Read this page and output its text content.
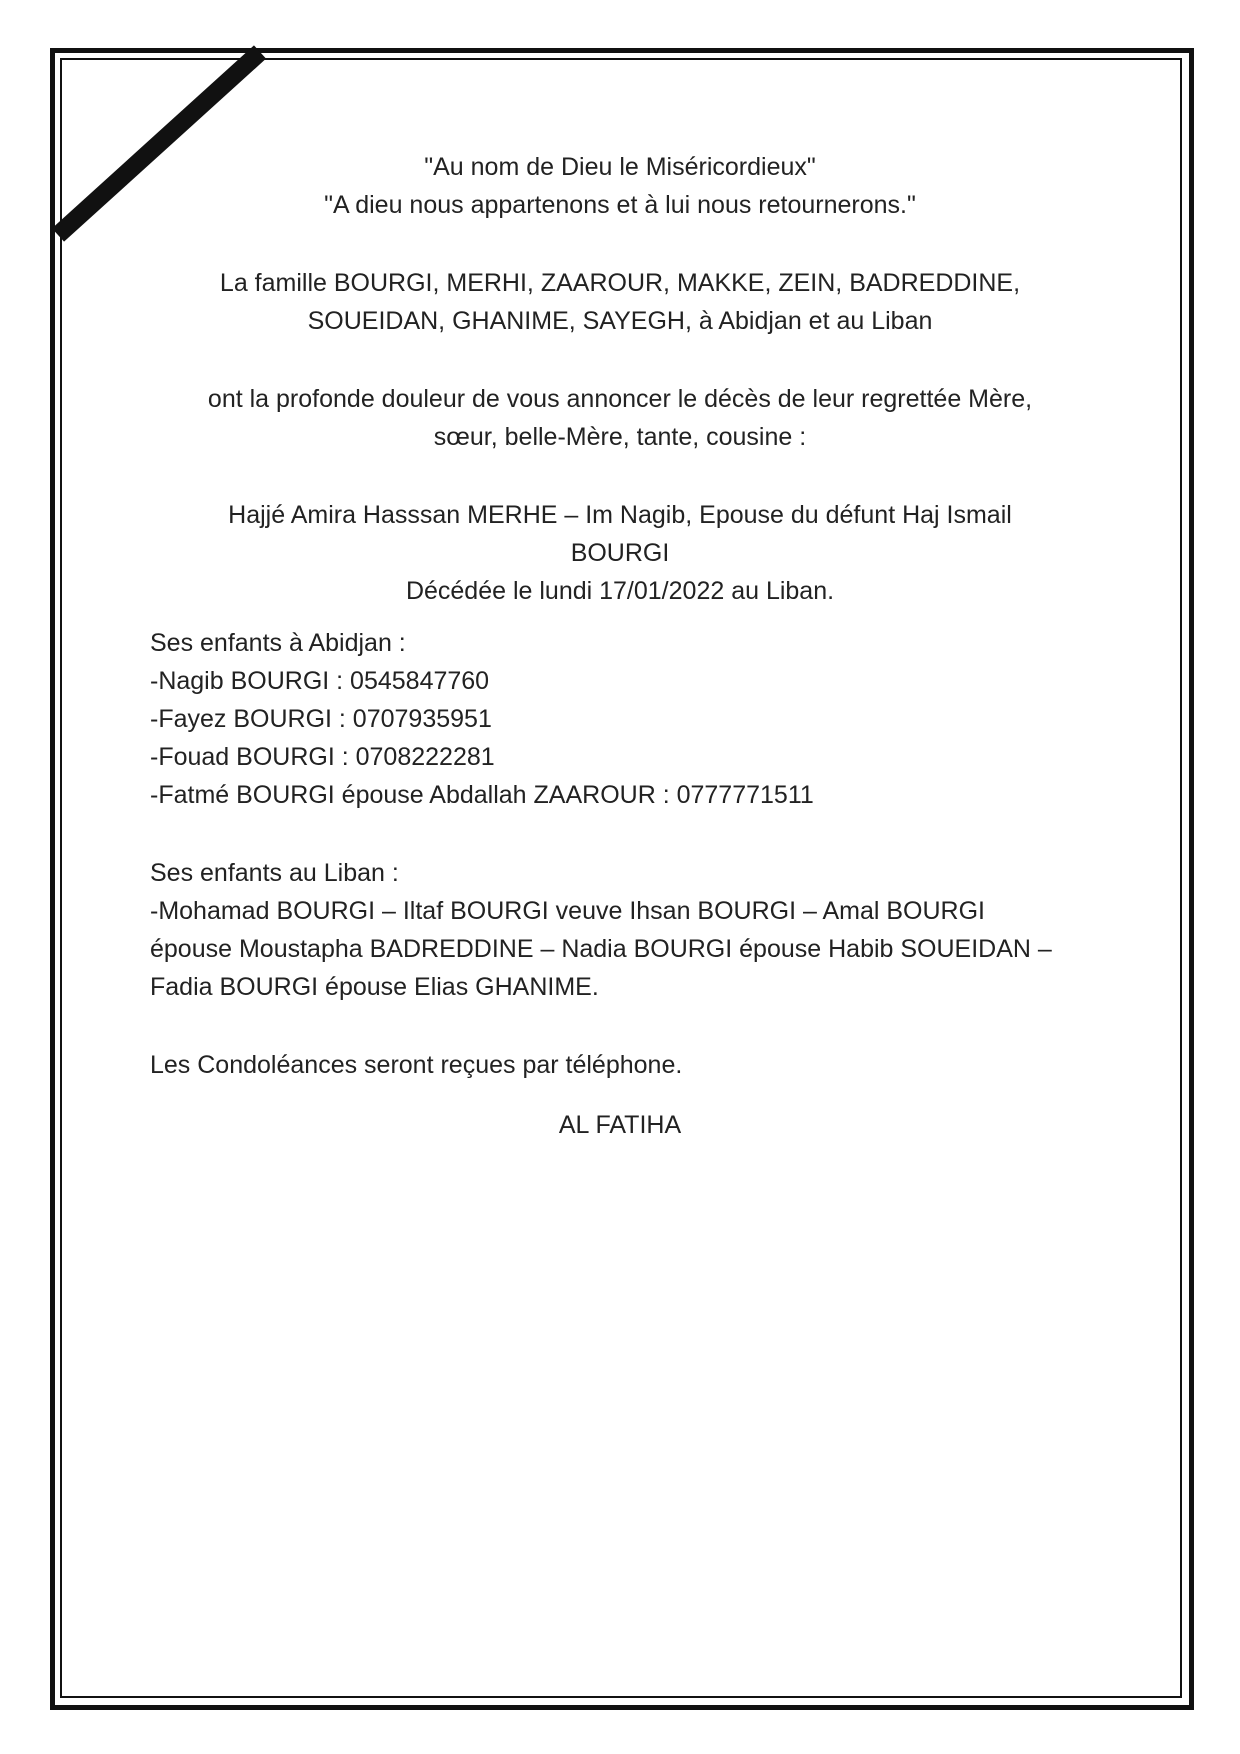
"Au nom de Dieu le Miséricordieux"
"A dieu nous appartenons et à lui nous retournerons."
La famille BOURGI, MERHI, ZAAROUR, MAKKE, ZEIN, BADREDDINE,
SOUEIDAN, GHANIME, SAYEGH, à Abidjan et au Liban
ont la profonde douleur de vous annoncer le décès de leur regrettée Mère,
sœur, belle-Mère, tante, cousine :
Hajjé Amira Hasssan MERHE – Im Nagib, Epouse du défunt Haj Ismail
BOURGI
Décédée le lundi 17/01/2022 au Liban.
Ses enfants à Abidjan :
-Nagib BOURGI : 0545847760
-Fayez BOURGI : 0707935951
-Fouad BOURGI : 0708222281
-Fatmé BOURGI épouse Abdallah ZAAROUR : 0777771511
Ses enfants au Liban :
-Mohamad BOURGI – Iltaf BOURGI veuve Ihsan BOURGI – Amal BOURGI
épouse Moustapha BADREDDINE – Nadia BOURGI épouse Habib SOUEIDAN –
Fadia BOURGI épouse Elias GHANIME.
Les Condoléances seront reçues par téléphone.
AL FATIHA
